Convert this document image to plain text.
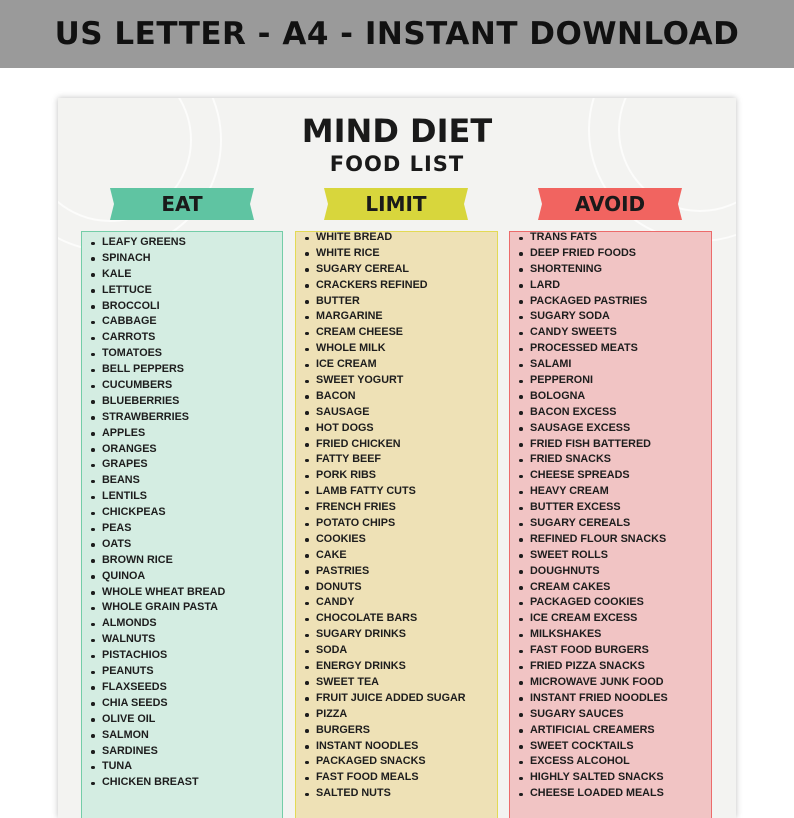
US LETTER - A4 - INSTANT DOWNLOAD
MIND DIET
FOOD LIST
EAT	LIMIT	AVOID
LEAFY GREENS
SPINACH
KALE
LETTUCE
BROCCOLI
CABBAGE
CARROTS
TOMATOES
BELL PEPPERS
CUCUMBERS
BLUEBERRIES
STRAWBERRIES
APPLES
ORANGES
GRAPES
BEANS
LENTILS
CHICKPEAS
PEAS
OATS
BROWN RICE
QUINOA
WHOLE WHEAT BREAD
WHOLE GRAIN PASTA
ALMONDS
WALNUTS
PISTACHIOS
PEANUTS
FLAXSEEDS
CHIA SEEDS
OLIVE OIL
SALMON
SARDINES
TUNA
CHICKEN BREAST
WHITE BREAD
WHITE RICE
SUGARY CEREAL
CRACKERS REFINED
BUTTER
MARGARINE
CREAM CHEESE
WHOLE MILK
ICE CREAM
SWEET YOGURT
BACON
SAUSAGE
HOT DOGS
FRIED CHICKEN
FATTY BEEF
PORK RIBS
LAMB FATTY CUTS
FRENCH FRIES
POTATO CHIPS
COOKIES
CAKE
PASTRIES
DONUTS
CANDY
CHOCOLATE BARS
SUGARY DRINKS
SODA
ENERGY DRINKS
SWEET TEA
FRUIT JUICE ADDED SUGAR
PIZZA
BURGERS
INSTANT NOODLES
PACKAGED SNACKS
FAST FOOD MEALS
SALTED NUTS
TRANS FATS
DEEP FRIED FOODS
SHORTENING
LARD
PACKAGED PASTRIES
SUGARY SODA
CANDY SWEETS
PROCESSED MEATS
SALAMI
PEPPERONI
BOLOGNA
BACON EXCESS
SAUSAGE EXCESS
FRIED FISH BATTERED
FRIED SNACKS
CHEESE SPREADS
HEAVY CREAM
BUTTER EXCESS
SUGARY CEREALS
REFINED FLOUR SNACKS
SWEET ROLLS
DOUGHNUTS
CREAM CAKES
PACKAGED COOKIES
ICE CREAM EXCESS
MILKSHAKES
FAST FOOD BURGERS
FRIED PIZZA SNACKS
MICROWAVE JUNK FOOD
INSTANT FRIED NOODLES
SUGARY SAUCES
ARTIFICIAL CREAMERS
SWEET COCKTAILS
EXCESS ALCOHOL
HIGHLY SALTED SNACKS
CHEESE LOADED MEALS
